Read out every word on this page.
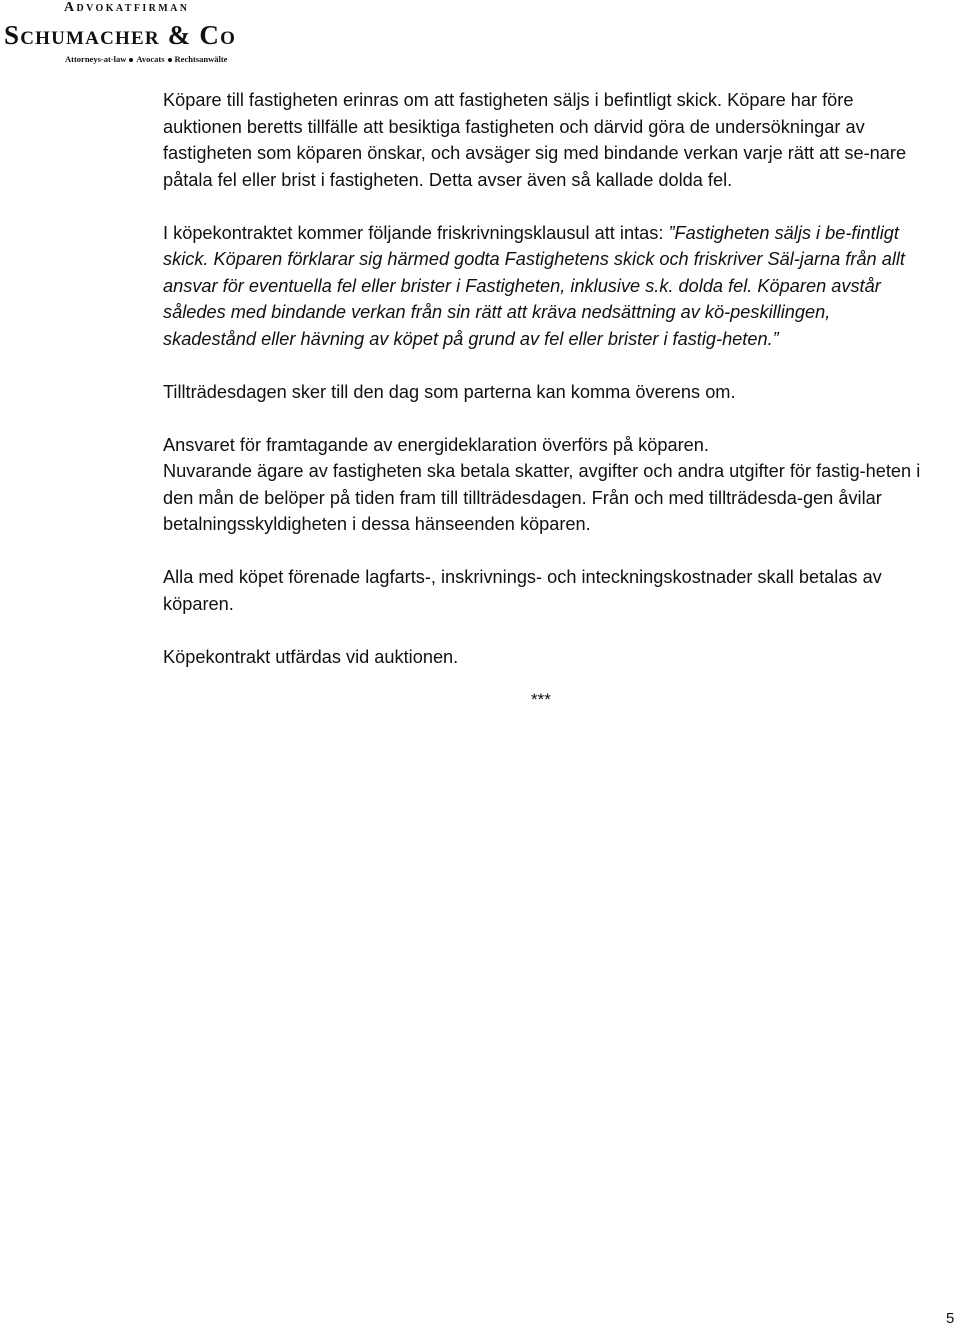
Advokatfirman
Schumacher & Co
Attorneys-at-law Avocats Rechtsanwälte

Köpare till fastigheten erinras om att fastigheten säljs i befintligt skick. Köpare har före auktionen beretts tillfälle att besiktiga fastigheten och därvid göra de undersökningar av fastigheten som köparen önskar, och avsäger sig med bindande verkan varje rätt att se-nare påtala fel eller brist i fastigheten. Detta avser även så kallade dolda fel.

I köpekontraktet kommer följande friskrivningsklausul att intas: ”Fastigheten säljs i be-fintligt skick. Köparen förklarar sig härmed godta Fastighetens skick och friskriver Säl-jarna från allt ansvar för eventuella fel eller brister i Fastigheten, inklusive s.k. dolda fel. Köparen avstår således med bindande verkan från sin rätt att kräva nedsättning av kö-peskillingen, skadestånd eller hävning av köpet på grund av fel eller brister i fastig-heten.”

Tillträdesdagen sker till den dag som parterna kan komma överens om.

Ansvaret för framtagande av energideklaration överförs på köparen.

Nuvarande ägare av fastigheten ska betala skatter, avgifter och andra utgifter för fastig-heten i den mån de belöper på tiden fram till tillträdesdagen. Från och med tillträdesda-gen åvilar betalningsskyldigheten i dessa hänseenden köparen.

Alla med köpet förenade lagfarts-, inskrivnings- och inteckningskostnader skall betalas av köparen.

Köpekontrakt utfärdas vid auktionen.

***
5
